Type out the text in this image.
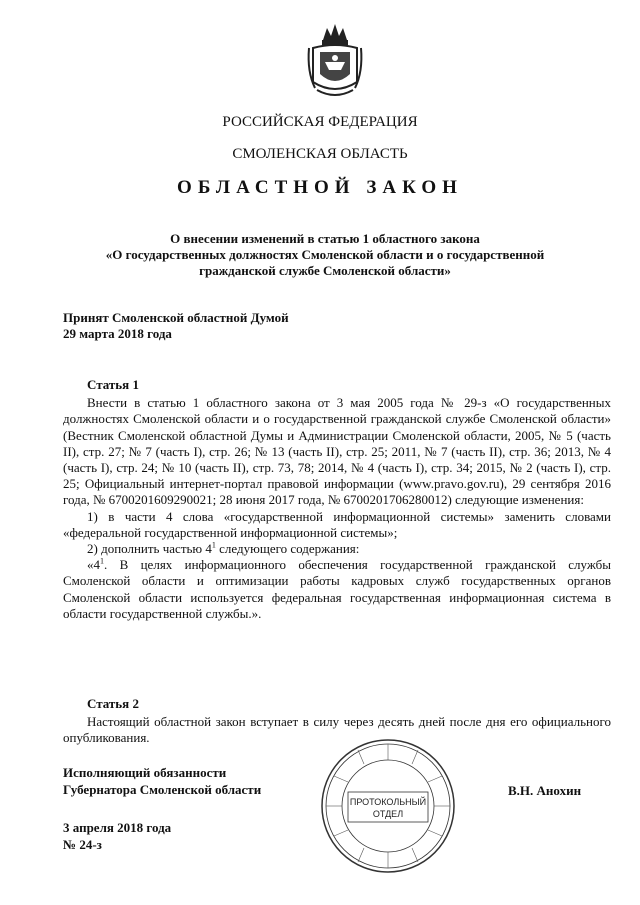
РОССИЙСКАЯ ФЕДЕРАЦИЯ
СМОЛЕНСКАЯ ОБЛАСТЬ
ОБЛАСТНОЙ ЗАКОН
О внесении изменений в статью 1 областного закона
«О государственных должностях Смоленской области и о государственной
гражданской службе Смоленской области»
Принят Смоленской областной Думой
29 марта 2018 года

Статья 1

Внести в статью 1 областного закона от 3 мая 2005 года № 29-з «О государственных должностях Смоленской области и о государственной гражданской службе Смоленской области» (Вестник Смоленской областной Думы и Администрации Смоленской области, 2005, № 5 (часть II), стр. 27; № 7 (часть I), стр. 26; № 13 (часть II), стр. 25; 2011, № 7 (часть II), стр. 36; 2013, № 4 (часть I), стр. 24; № 10 (часть II), стр. 73, 78; 2014, № 4 (часть I), стр. 34; 2015, № 2 (часть I), стр. 25; Официальный интернет-портал правовой информации (www.pravo.gov.ru), 29 сентября 2016 года, № 6700201609290021; 28 июня 2017 года, № 6700201706280012) следующие изменения:

1) в части 4 слова «государственной информационной системы» заменить словами «федеральной государственной информационной системы»;

2) дополнить частью $4^1$ следующего содержания:

«$4^1$. В целях информационного обеспечения государственной гражданской службы Смоленской области и оптимизации работы кадровых служб государственных органов Смоленской области используется федеральная государственная информационная система в области государственной службы.».

Статья 2

Настоящий областной закон вступает в силу через десять дней после дня его официального опубликования.

Исполняющий обязанности
Губернатора Смоленской области	В.Н. Анохин
ПРОТОКОЛЬНЫЙ
ОТДЕЛ
3 апреля 2018 года
№ 24-з
